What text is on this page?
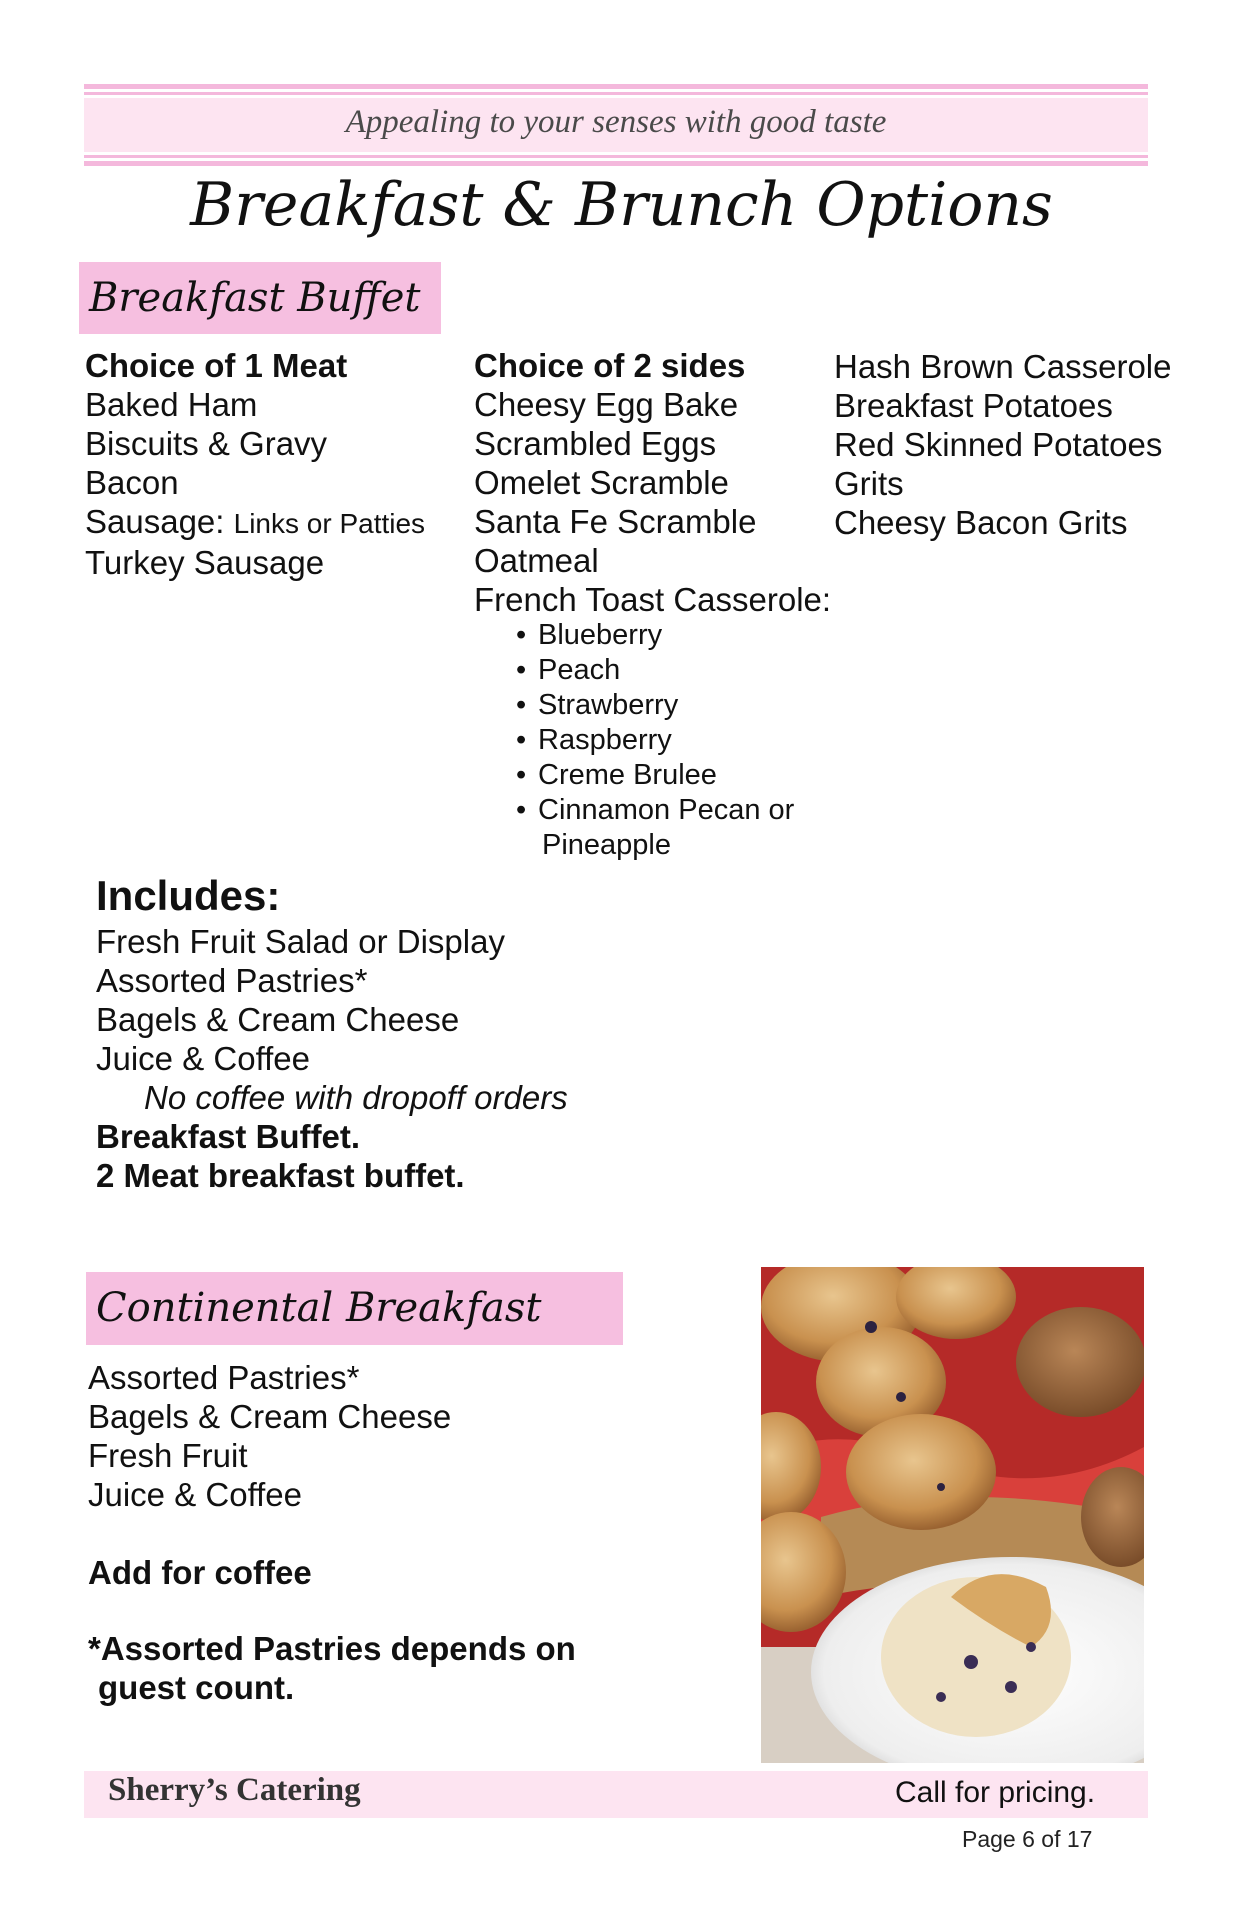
Appealing to your senses with good taste
Breakfast & Brunch Options
Breakfast Buffet
Choice of 1 Meat
Baked Ham
Biscuits & Gravy
Bacon
Sausage: Links or Patties
Turkey Sausage
Choice of 2 sides
Cheesy Egg Bake
Scrambled Eggs
Omelet Scramble
Santa Fe Scramble
Oatmeal
French Toast Casserole:
• Blueberry
• Peach
• Strawberry
• Raspberry
• Creme Brulee
• Cinnamon Pecan or
Pineapple
Hash Brown Casserole
Breakfast Potatoes
Red Skinned Potatoes
Grits
Cheesy Bacon Grits
Includes:
Fresh Fruit Salad or Display
Assorted Pastries*
Bagels & Cream Cheese
Juice & Coffee
No coffee with dropoff orders
Breakfast Buffet.
2 Meat breakfast buffet.
Continental Breakfast
Assorted Pastries*
Bagels & Cream Cheese
Fresh Fruit
Juice & Coffee
Add for coffee
*Assorted Pastries depends on
guest count.
Sherry’s Catering	Call for pricing.
Page 6 of 17
